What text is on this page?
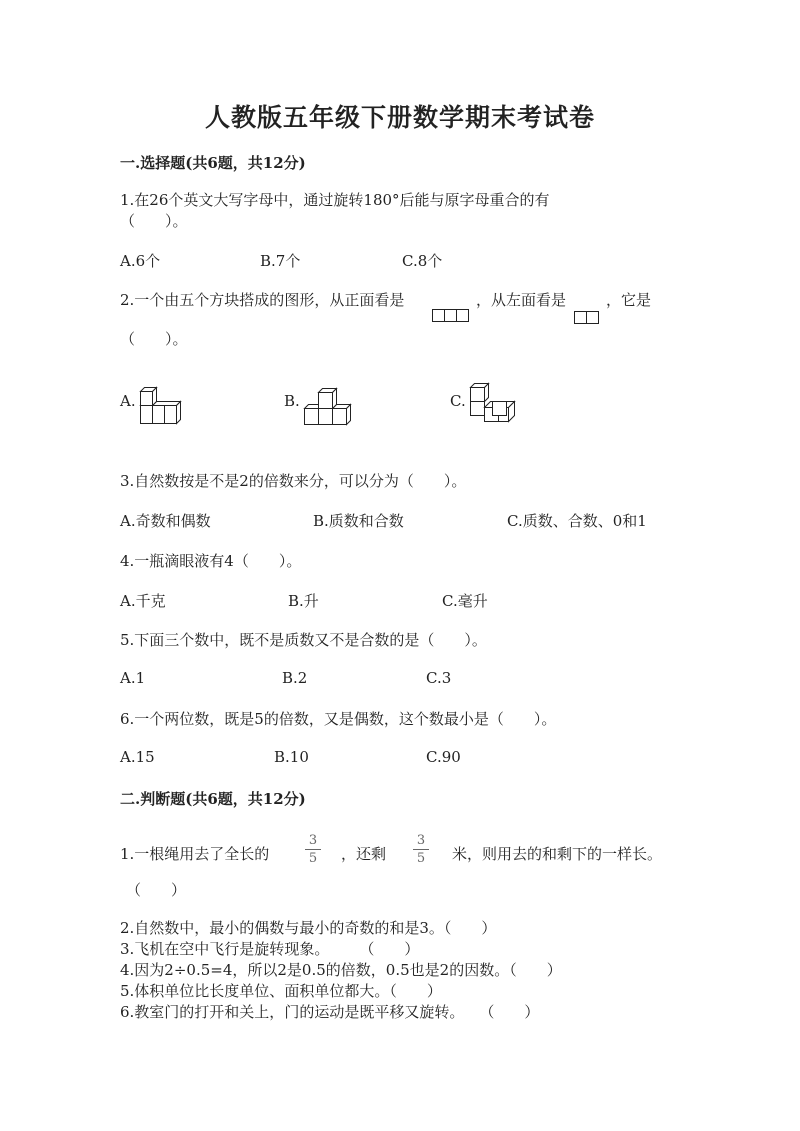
人教版五年级下册数学期末考试卷
一.选择题(共6题，共12分)
1.在26个英文大写字母中，通过旋转180°后能与原字母重合的有
（　　）。
A.6个	B.7个	C.8个
2.一个由五个方块搭成的图形，从正面看是	，从左面看是	，它是
（　　）。
A.	B.	C.
3.自然数按是不是2的倍数来分，可以分为（　　）。
A.奇数和偶数	B.质数和合数	C.质数、合数、0和1
4.一瓶滴眼液有4（　　）。
A.千克	B.升	C.毫升
5.下面三个数中，既不是质数又不是合数的是（　　）。
A.1	B.2	C.3
6.一个两位数，既是5的倍数，又是偶数，这个数最小是（　　）。
A.15	B.10	C.90
二.判断题(共6题，共12分)
1.一根绳用去了全长的
3
5 ，还剩
3
5 米，则用去的和剩下的一样长。
（　　）
2.自然数中，最小的偶数与最小的奇数的和是3。（　　）
3.飞机在空中飞行是旋转现象。　　　（　　）
4.因为2÷0.5=4，所以2是0.5的倍数，0.5也是2的因数。（　　）
5.体积单位比长度单位、面积单位都大。（　　）
6.教室门的打开和关上，门的运动是既平移又旋转。　　（　　）
